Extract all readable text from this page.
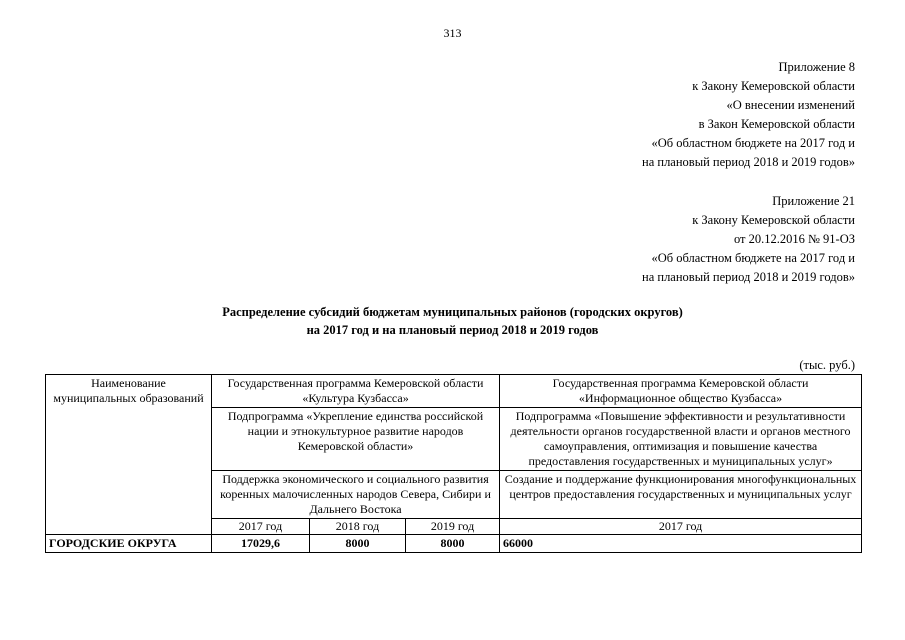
313
Приложение 8
к Закону Кемеровской области
«О внесении изменений
в Закон Кемеровской области
«Об областном бюджете на 2017 год и
на плановый период 2018 и 2019 годов»
Приложение 21
к Закону Кемеровской области
от 20.12.2016 № 91-ОЗ
«Об областном бюджете на 2017 год и
на плановый период 2018 и 2019 годов»
Распределение субсидий бюджетам муниципальных районов (городских округов)
на 2017 год и на плановый период 2018 и 2019 годов
(тыс. руб.)
Наименование муниципальных образований	Государственная программа Кемеровской области «Культура Кузбасса»			Государственная программа Кемеровской области «Информационное общество Кузбасса»
	Подпрограмма «Укрепление единства российской нации и этнокультурное развитие народов Кемеровской области»			Подпрограмма «Повышение эффективности и результативности деятельности органов государственной власти и органов местного самоуправления, оптимизация и повышение качества предоставления государственных и муниципальных услуг»
	Поддержка экономического и социального развития коренных малочисленных народов Севера, Сибири и Дальнего Востока			Создание и поддержание функционирования многофункциональных центров предоставления государственных и муниципальных услуг
	2017 год	2018 год	2019 год	2017 год
ГОРОДСКИЕ ОКРУГА	17029,6	8000	8000	66000
